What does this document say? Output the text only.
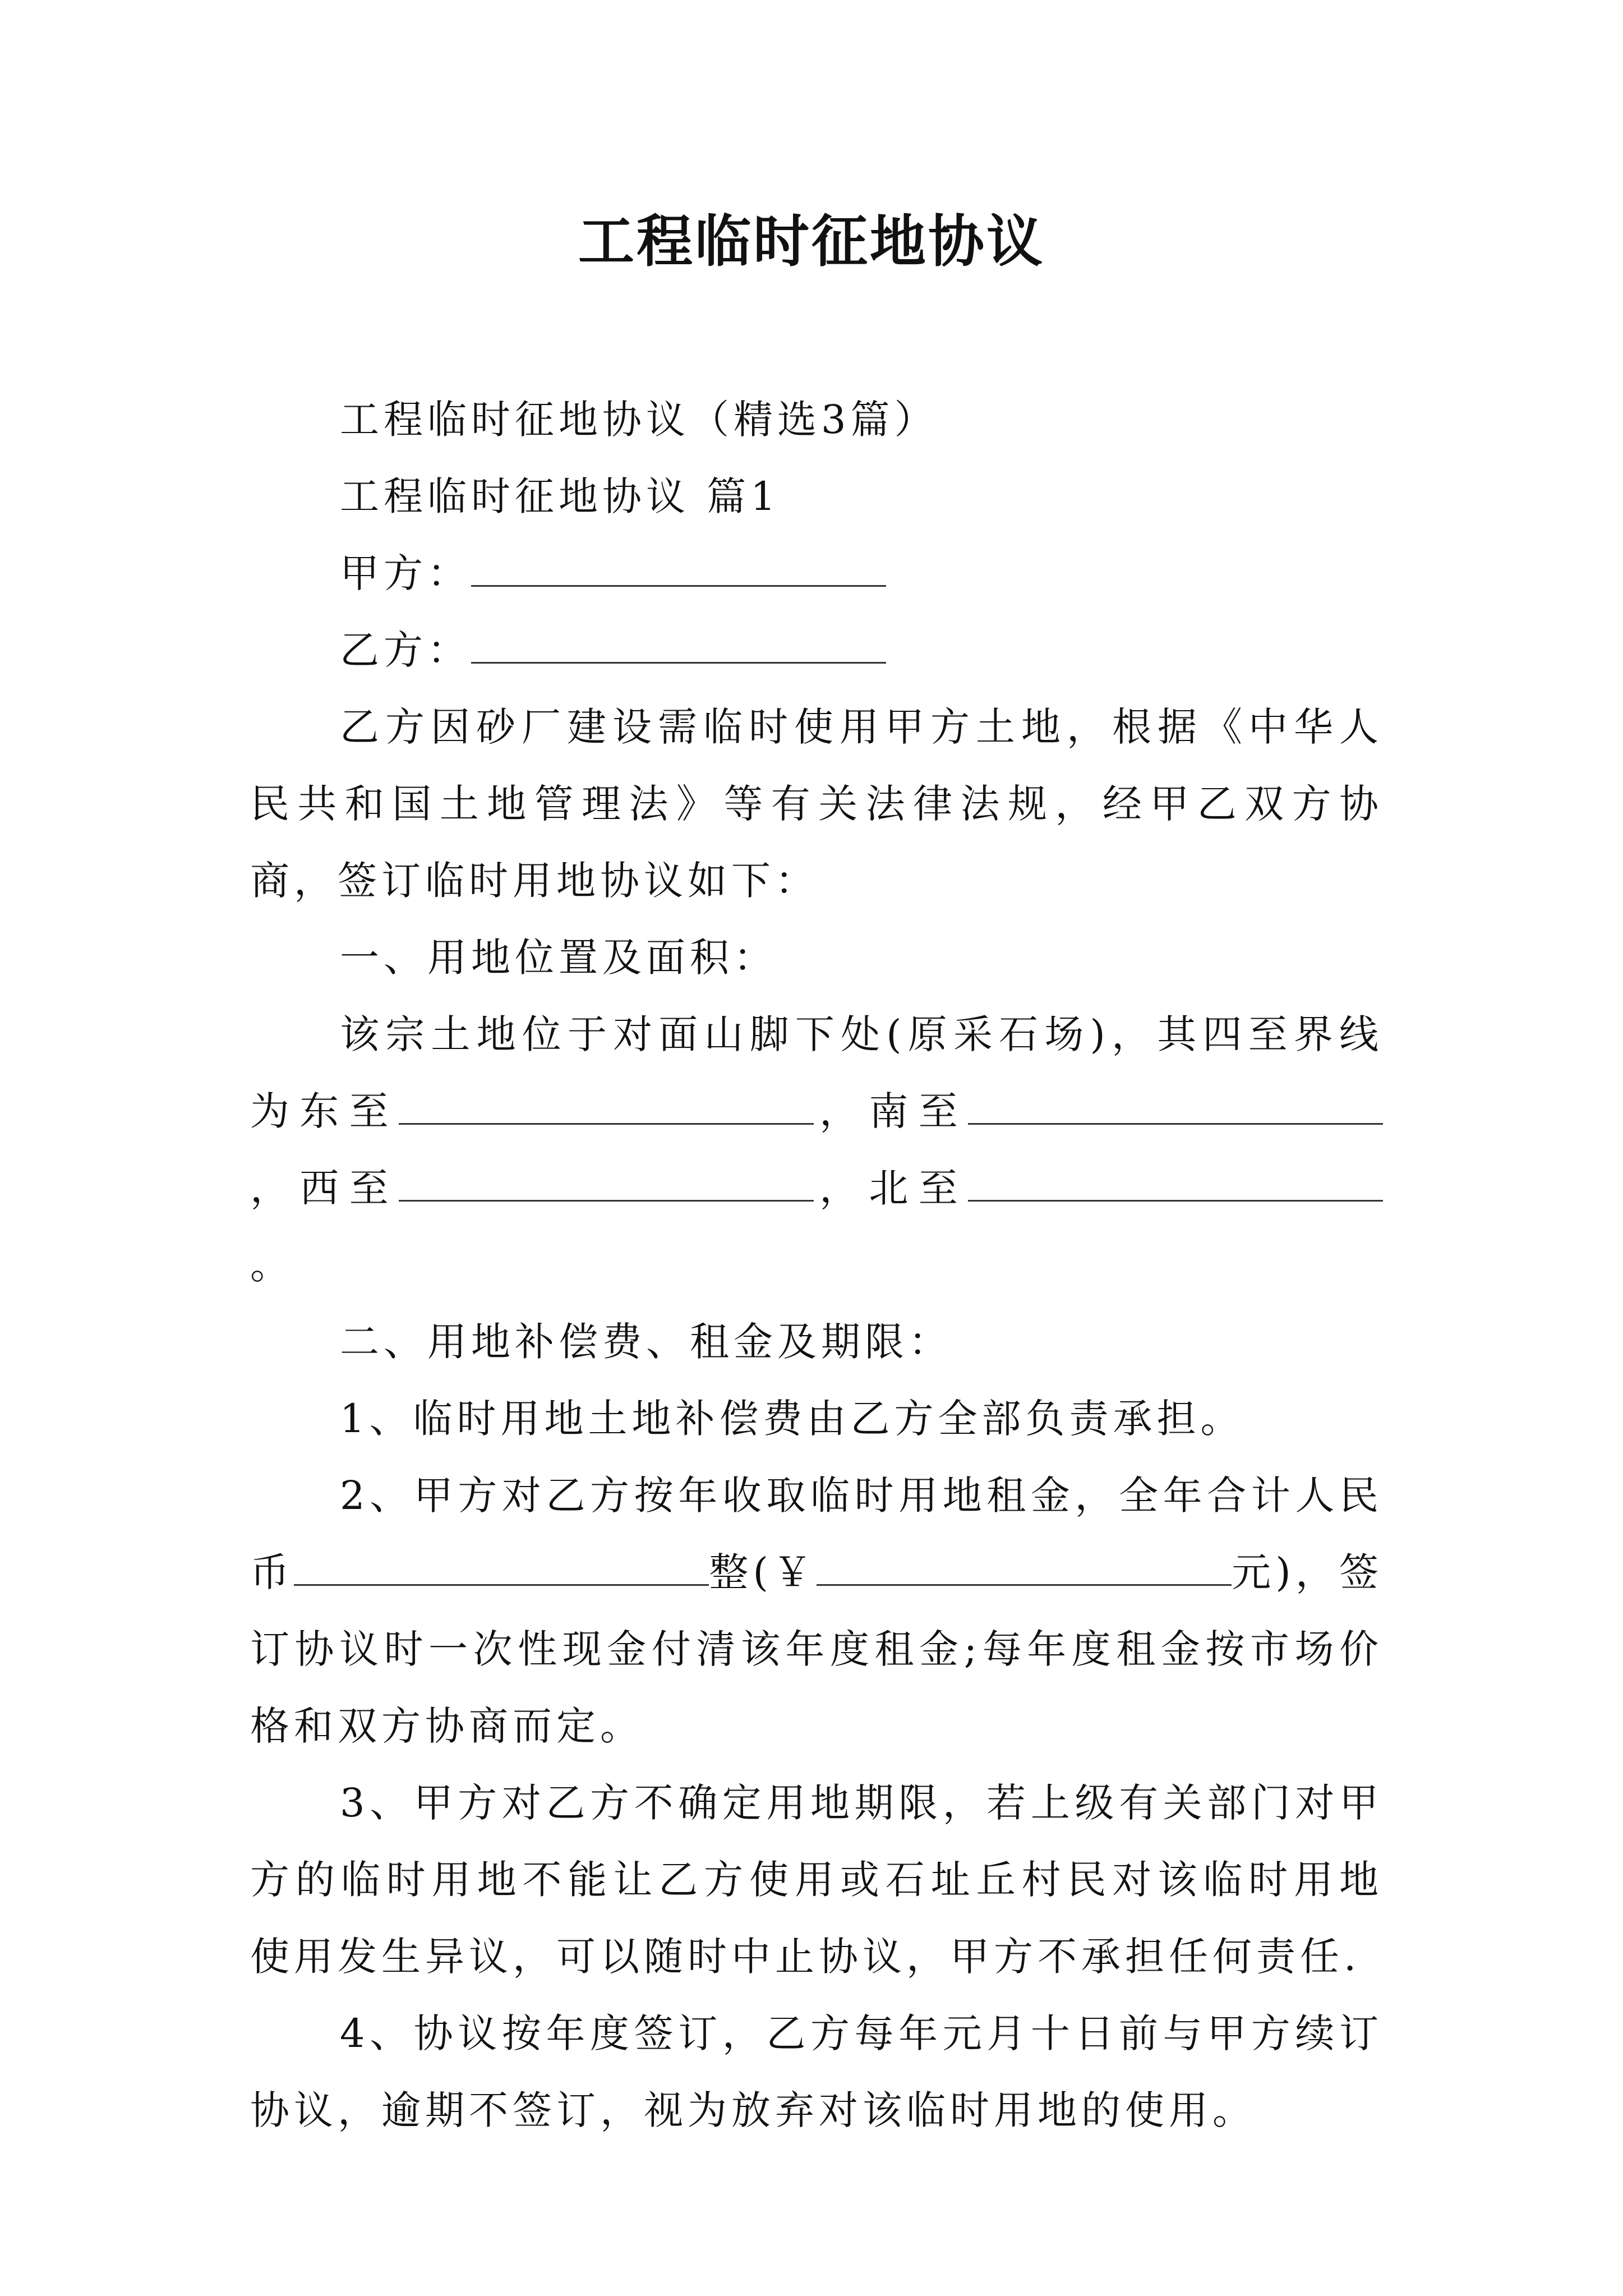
工程临时征地协议

工程临时征地协议（精选3篇）

工程临时征地协议 篇1

甲方：

乙方：

乙方因砂厂建设需临时使用甲方土地，根据《中华人民共和国土地管理法》等有关法律法规，经甲乙双方协商，签订临时用地协议如下：

一、用地位置及面积：

该宗土地位于对面山脚下处(原采石场)，其四至界线为东至	，南至，西至	，北至。

二、用地补偿费、租金及期限：

1、临时用地土地补偿费由乙方全部负责承担。

2、甲方对乙方按年收取临时用地租金，全年合计人民币	整(￥	元)，签订协议时一次性现金付清该年度租金;每年度租金按市场价格和双方协商而定。

3、甲方对乙方不确定用地期限，若上级有关部门对甲方的临时用地不能让乙方使用或石址丘村民对该临时用地使用发生异议，可以随时中止协议，甲方不承担任何责任.

4、协议按年度签订，乙方每年元月十日前与甲方续订协议，逾期不签订，视为放弃对该临时用地的使用。
